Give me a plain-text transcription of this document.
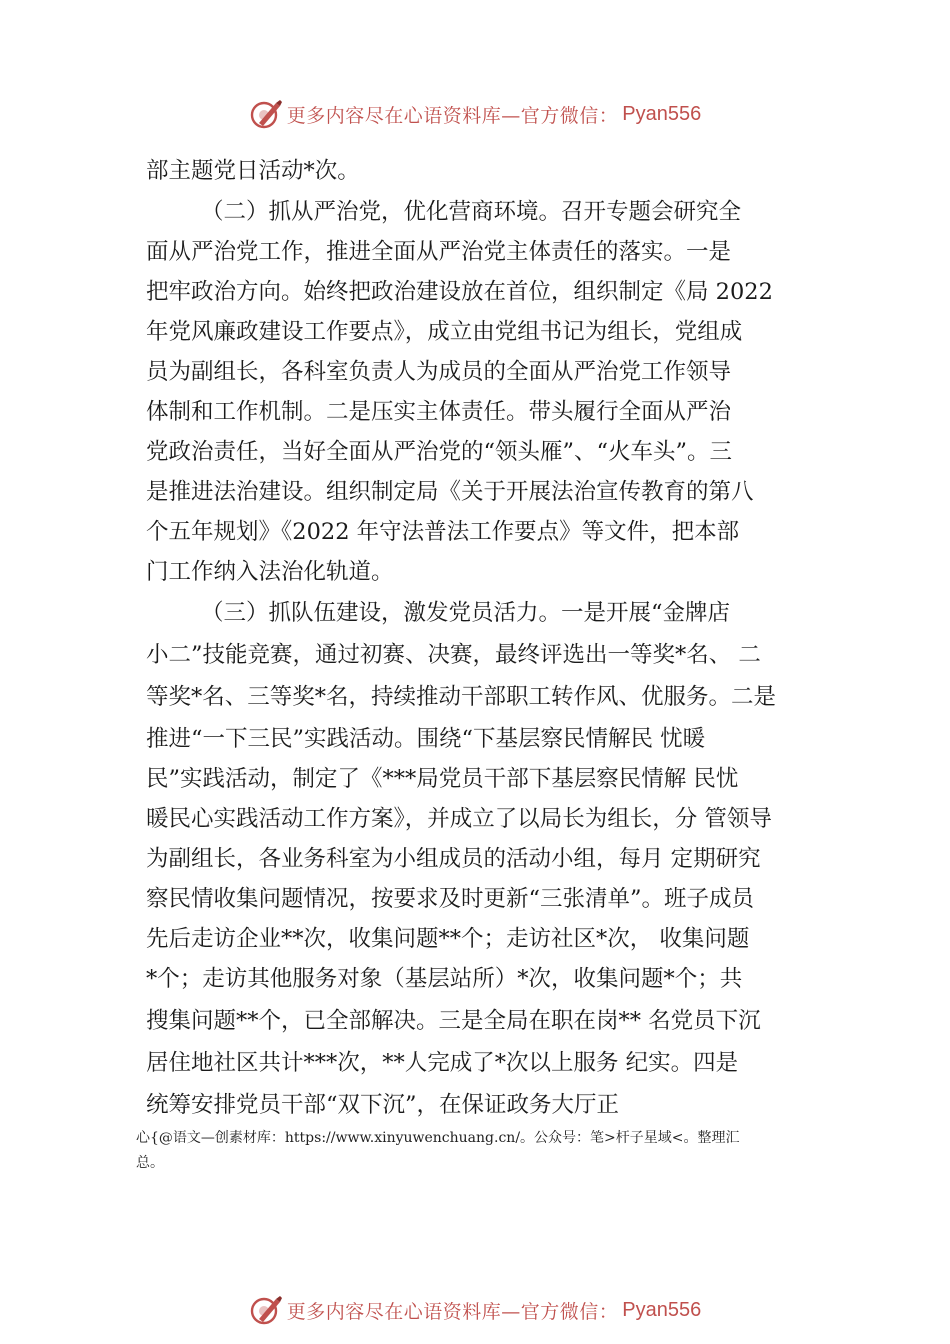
更多内容尽在心语资料库—官方微信： Pyan556
部主题党日活动*次。
（二）抓从严治党，优化营商环境。召开专题会研究全
面从严治党工作，推进全面从严治党主体责任的落实。一是
把牢政治方向。始终把政治建设放在首位，组织制定《局 2022
年党风廉政建设工作要点》，成立由党组书记为组长，党组成
员为副组长，各科室负责人为成员的全面从严治党工作领导
体制和工作机制。二是压实主体责任。带头履行全面从严治
党政治责任，当好全面从严治党的“领头雁”、“火车头”。三
是推进法治建设。组织制定局《关于开展法治宣传教育的第八
个五年规划》《2022 年守法普法工作要点》等文件，把本部
门工作纳入法治化轨道。
（三）抓队伍建设，激发党员活力。一是开展“金牌店
小二”技能竞赛，通过初赛、决赛，最终评选出一等奖*名、 二
等奖*名、三等奖*名，持续推动干部职工转作风、优服务。二是
推进“一下三民”实践活动。围绕“下基层察民情解民 忧暖
民”实践活动，制定了《***局党员干部下基层察民情解 民忧
暖民心实践活动工作方案》，并成立了以局长为组长，分 管领导
为副组长，各业务科室为小组成员的活动小组，每月 定期研究
察民情收集问题情况，按要求及时更新“三张清单”。班子成员
先后走访企业**次，收集问题**个；走访社区*次， 收集问题
*个；走访其他服务对象（基层站所）*次，收集问题*个；共
搜集问题**个，已全部解决。三是全局在职在岗** 名党员下沉
居住地社区共计***次，**人完成了*次以上服务 纪实。四是
统筹安排党员干部“双下沉”，在保证政务大厅正
心{@语文—创素材库：https://www.xinyuwenchuang.cn/。公众号：笔>杆子星域<。整理汇
总。
更多内容尽在心语资料库—官方微信： Pyan556
